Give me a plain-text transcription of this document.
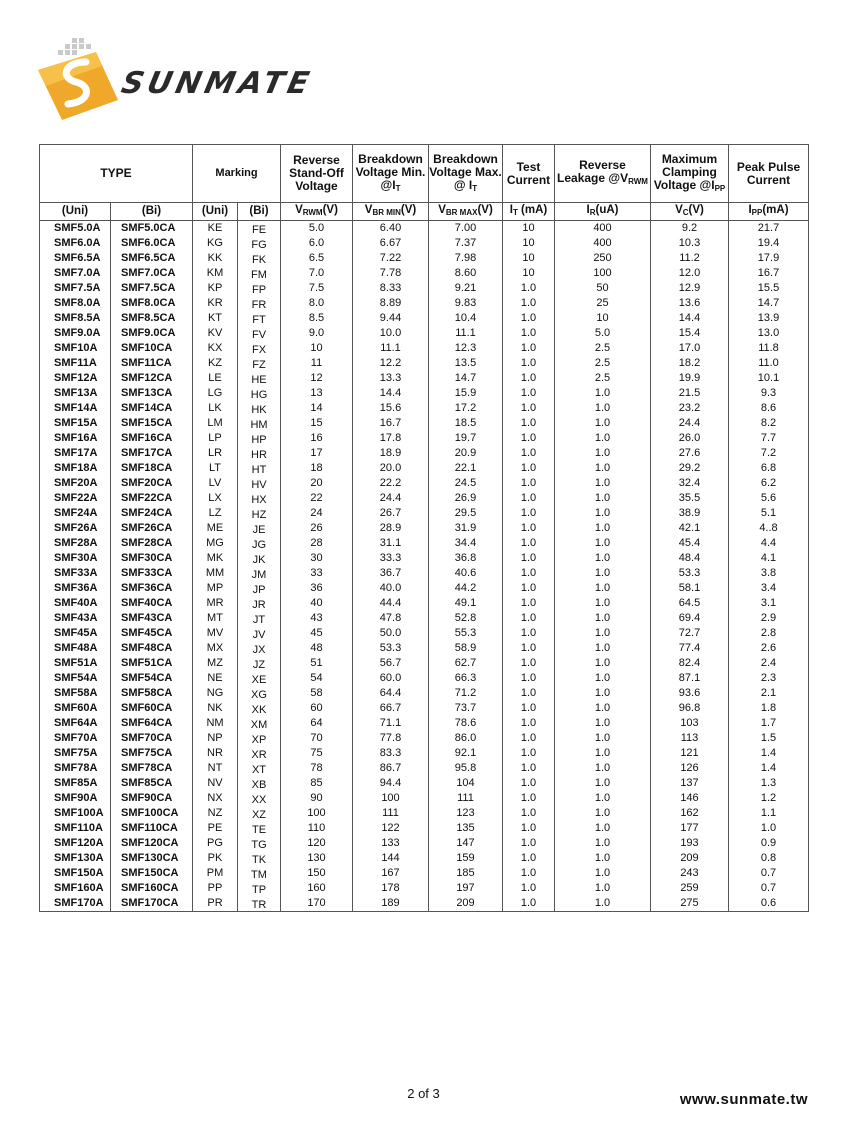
SUNMATE
TYPE		Marking		Reverse Stand-Off Voltage	Breakdown Voltage Min. $@I_T$	Breakdown Voltage Max. @ $I_T$	Test Current	Reverse Leakage $@V_{RWM}$	Maximum Clamping Voltage $@I_{PP}$	Peak Pulse Current
(Uni)	(Bi)	(Uni)	(Bi)	$V_{RWM}(V)$	$V_{BR MIN}(V)$	$V_{BR MAX}(V)$	$I_T$ (mA)	$I_R(uA)$	$V_C(V)$	$I_{PP}(mA)$
SMF5.0A	SMF5.0CA	KE	FE	5.0	6.40	7.00	10	400	9.2	21.7
SMF6.0A	SMF6.0CA	KG	FG	6.0	6.67	7.37	10	400	10.3	19.4
SMF6.5A	SMF6.5CA	KK	FK	6.5	7.22	7.98	10	250	11.2	17.9
SMF7.0A	SMF7.0CA	KM	FM	7.0	7.78	8.60	10	100	12.0	16.7
SMF7.5A	SMF7.5CA	KP	FP	7.5	8.33	9.21	1.0	50	12.9	15.5
SMF8.0A	SMF8.0CA	KR	FR	8.0	8.89	9.83	1.0	25	13.6	14.7
SMF8.5A	SMF8.5CA	KT	FT	8.5	9.44	10.4	1.0	10	14.4	13.9
SMF9.0A	SMF9.0CA	KV	FV	9.0	10.0	11.1	1.0	5.0	15.4	13.0
SMF10A	SMF10CA	KX	FX	10	11.1	12.3	1.0	2.5	17.0	11.8
SMF11A	SMF11CA	KZ	FZ	11	12.2	13.5	1.0	2.5	18.2	11.0
SMF12A	SMF12CA	LE	HE	12	13.3	14.7	1.0	2.5	19.9	10.1
SMF13A	SMF13CA	LG	HG	13	14.4	15.9	1.0	1.0	21.5	9.3
SMF14A	SMF14CA	LK	HK	14	15.6	17.2	1.0	1.0	23.2	8.6
SMF15A	SMF15CA	LM	HM	15	16.7	18.5	1.0	1.0	24.4	8.2
SMF16A	SMF16CA	LP	HP	16	17.8	19.7	1.0	1.0	26.0	7.7
SMF17A	SMF17CA	LR	HR	17	18.9	20.9	1.0	1.0	27.6	7.2
SMF18A	SMF18CA	LT	HT	18	20.0	22.1	1.0	1.0	29.2	6.8
SMF20A	SMF20CA	LV	HV	20	22.2	24.5	1.0	1.0	32.4	6.2
SMF22A	SMF22CA	LX	HX	22	24.4	26.9	1.0	1.0	35.5	5.6
SMF24A	SMF24CA	LZ	HZ	24	26.7	29.5	1.0	1.0	38.9	5.1
SMF26A	SMF26CA	ME	JE	26	28.9	31.9	1.0	1.0	42.1	4..8
SMF28A	SMF28CA	MG	JG	28	31.1	34.4	1.0	1.0	45.4	4.4
SMF30A	SMF30CA	MK	JK	30	33.3	36.8	1.0	1.0	48.4	4.1
SMF33A	SMF33CA	MM	JM	33	36.7	40.6	1.0	1.0	53.3	3.8
SMF36A	SMF36CA	MP	JP	36	40.0	44.2	1.0	1.0	58.1	3.4
SMF40A	SMF40CA	MR	JR	40	44.4	49.1	1.0	1.0	64.5	3.1
SMF43A	SMF43CA	MT	JT	43	47.8	52.8	1.0	1.0	69.4	2.9
SMF45A	SMF45CA	MV	JV	45	50.0	55.3	1.0	1.0	72.7	2.8
SMF48A	SMF48CA	MX	JX	48	53.3	58.9	1.0	1.0	77.4	2.6
SMF51A	SMF51CA	MZ	JZ	51	56.7	62.7	1.0	1.0	82.4	2.4
SMF54A	SMF54CA	NE	XE	54	60.0	66.3	1.0	1.0	87.1	2.3
SMF58A	SMF58CA	NG	XG	58	64.4	71.2	1.0	1.0	93.6	2.1
SMF60A	SMF60CA	NK	XK	60	66.7	73.7	1.0	1.0	96.8	1.8
SMF64A	SMF64CA	NM	XM	64	71.1	78.6	1.0	1.0	103	1.7
SMF70A	SMF70CA	NP	XP	70	77.8	86.0	1.0	1.0	113	1.5
SMF75A	SMF75CA	NR	XR	75	83.3	92.1	1.0	1.0	121	1.4
SMF78A	SMF78CA	NT	XT	78	86.7	95.8	1.0	1.0	126	1.4
SMF85A	SMF85CA	NV	XB	85	94.4	104	1.0	1.0	137	1.3
SMF90A	SMF90CA	NX	XX	90	100	111	1.0	1.0	146	1.2
SMF100A	SMF100CA	NZ	XZ	100	111	123	1.0	1.0	162	1.1
SMF110A	SMF110CA	PE	TE	110	122	135	1.0	1.0	177	1.0
SMF120A	SMF120CA	PG	TG	120	133	147	1.0	1.0	193	0.9
SMF130A	SMF130CA	PK	TK	130	144	159	1.0	1.0	209	0.8
SMF150A	SMF150CA	PM	TM	150	167	185	1.0	1.0	243	0.7
SMF160A	SMF160CA	PP	TP	160	178	197	1.0	1.0	259	0.7
SMF170A	SMF170CA	PR	TR	170	189	209	1.0	1.0	275	0.6
2 of 3	www.sunmate.tw
